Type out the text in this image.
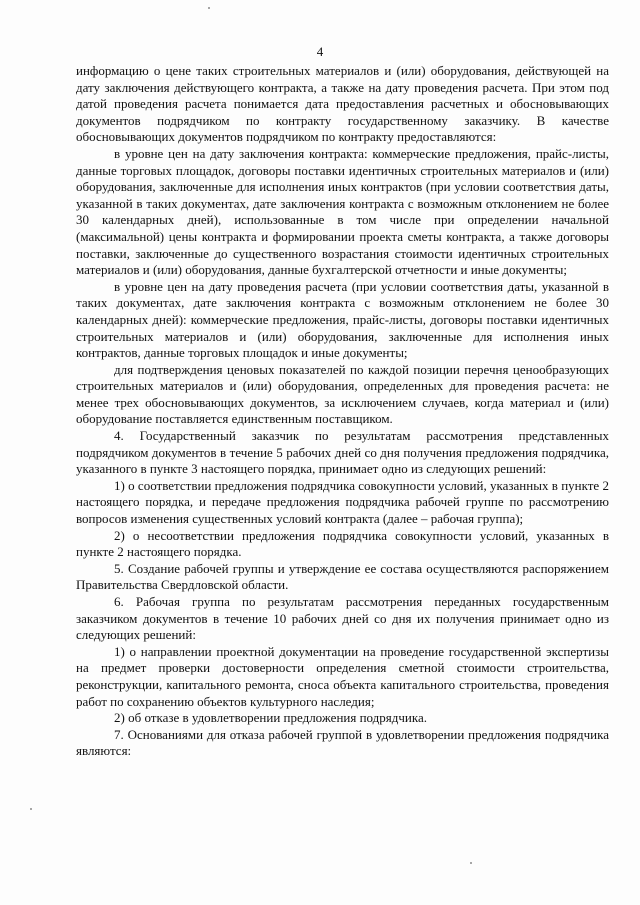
4

информацию о цене таких строительных материалов и (или) оборудования, действующей на дату заключения действующего контракта, а также на дату проведения расчета. При этом под датой проведения расчета понимается дата предоставления расчетных и обосновывающих документов подрядчиком по контракту государственному заказчику. В качестве обосновывающих документов подрядчиком по контракту предоставляются:

в уровне цен на дату заключения контракта: коммерческие предложения, прайс-листы, данные торговых площадок, договоры поставки идентичных строительных материалов и (или) оборудования, заключенные для исполнения иных контрактов (при условии соответствия даты, указанной в таких документах, дате заключения контракта с возможным отклонением не более 30 календарных дней), использованные в том числе при определении начальной (максимальной) цены контракта и формировании проекта сметы контракта, а также договоры поставки, заключенные до существенного возрастания стоимости идентичных строительных материалов и (или) оборудования, данные бухгалтерской отчетности и иные документы;

в уровне цен на дату проведения расчета (при условии соответствия даты, указанной в таких документах, дате заключения контракта с возможным отклонением не более 30 календарных дней): коммерческие предложения, прайс-листы, договоры поставки идентичных строительных материалов и (или) оборудования, заключенные для исполнения иных контрактов, данные торговых площадок и иные документы;

для подтверждения ценовых показателей по каждой позиции перечня ценообразующих строительных материалов и (или) оборудования, определенных для проведения расчета: не менее трех обосновывающих документов, за исключением случаев, когда материал и (или) оборудование поставляется единственным поставщиком.

4. Государственный заказчик по результатам рассмотрения представленных подрядчиком документов в течение 5 рабочих дней со дня получения предложения подрядчика, указанного в пункте 3 настоящего порядка, принимает одно из следующих решений:

1) о соответствии предложения подрядчика совокупности условий, указанных в пункте 2 настоящего порядка, и передаче предложения подрядчика рабочей группе по рассмотрению вопросов изменения существенных условий контракта (далее – рабочая группа);

2) о несоответствии предложения подрядчика совокупности условий, указанных в пункте 2 настоящего порядка.

5. Создание рабочей группы и утверждение ее состава осуществляются распоряжением Правительства Свердловской области.

6. Рабочая группа по результатам рассмотрения переданных государственным заказчиком документов в течение 10 рабочих дней со дня их получения принимает одно из следующих решений:

1) о направлении проектной документации на проведение государственной экспертизы на предмет проверки достоверности определения сметной стоимости строительства, реконструкции, капитального ремонта, сноса объекта капитального строительства, проведения работ по сохранению объектов культурного наследия;

2) об отказе в удовлетворении предложения подрядчика.

7. Основаниями для отказа рабочей группой в удовлетворении предложения подрядчика являются:
